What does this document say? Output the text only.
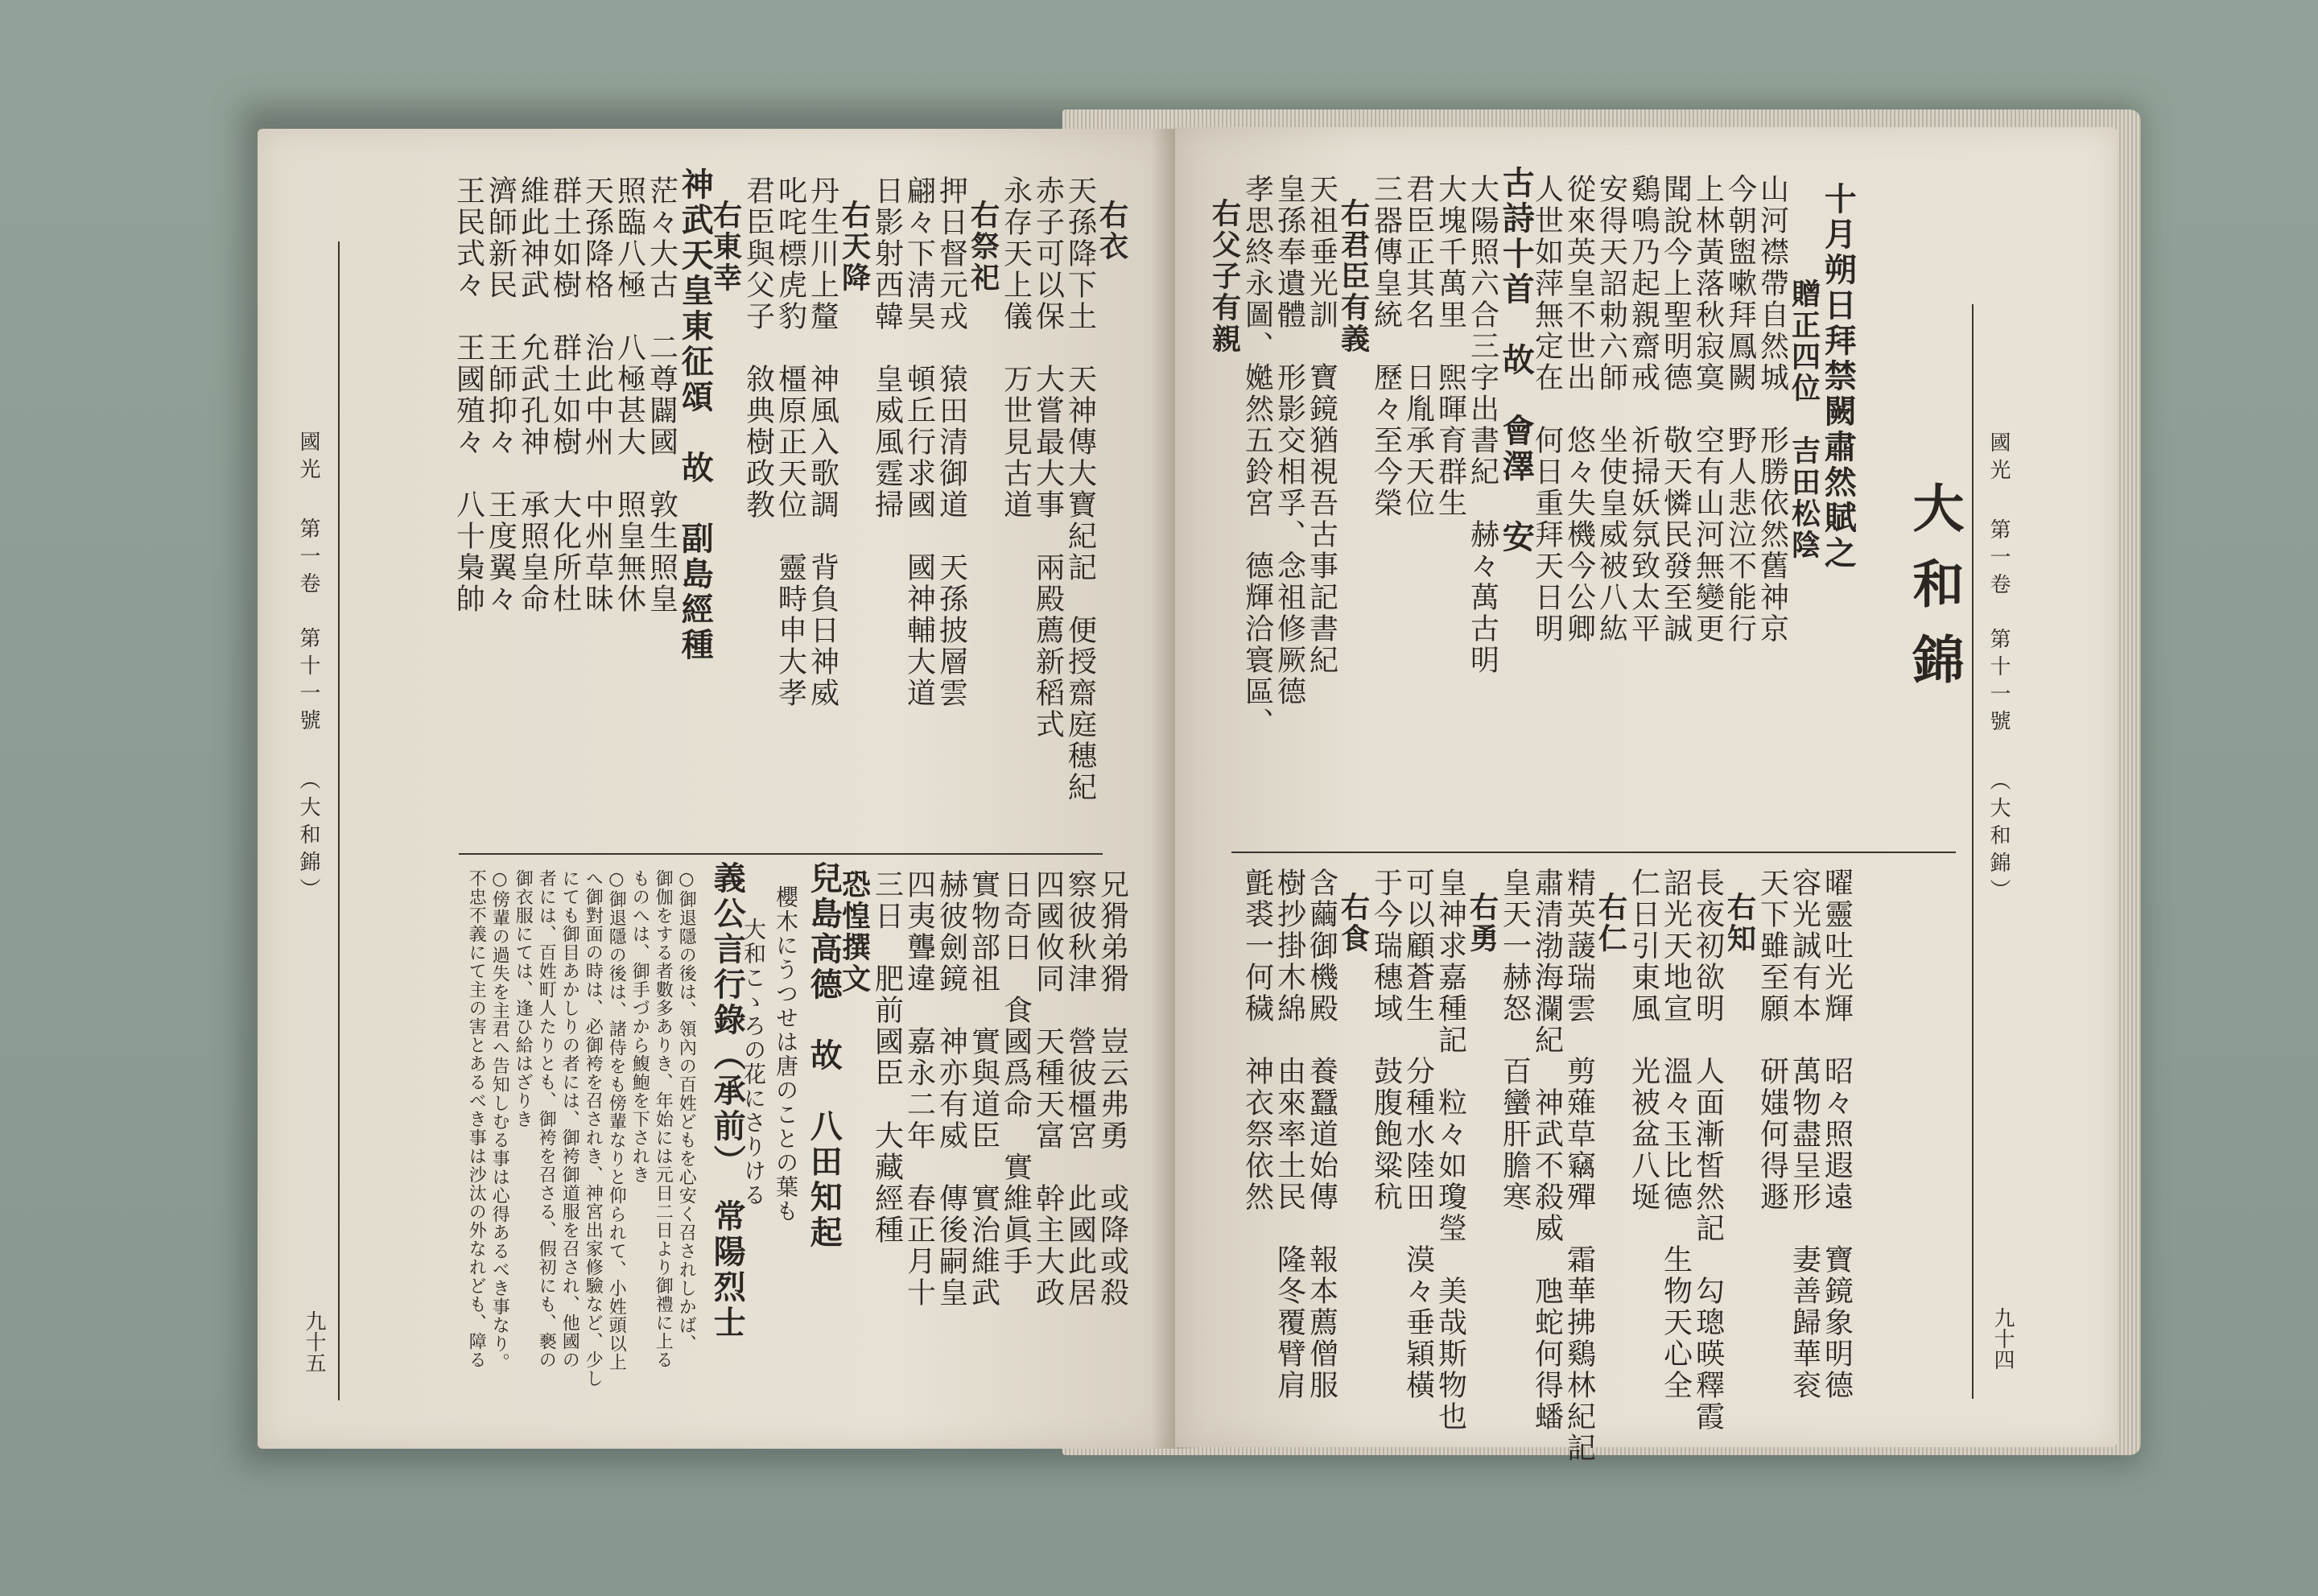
國光第一卷　第十一號（大和錦）
九十五
右衣
天孫降下土　天神傳大寶紀記　便授齋庭穗紀
赤子可以保　大嘗最大事　兩殿薦新稻式
永存天上儀　万世見古道
右祭祀
押日督元戎　猿田清御道　天孫披層雲
翩々下淸昊　頓丘行求國　國神輔大道
日影射西韓　皇威風霆掃
右天降
丹生川上釐　神風入歌調　背負日神威
叱咤標虎豹　橿原正天位　靈畤申大孝
君臣與父子　敘典樹政教
右東幸
神武天皇東征頌　故　副島經種
茫々大古　二尊闢國　敦生照皇
照臨八極　八極甚大　照皇無休
天孫降格　治此中州　中州草昧
群土如樹　群土如樹　大化所杜
維此神武　允武孔神　承照皇命
濟師新民　王師抑々　王度翼々
王民式々　王國殖々　八十梟帥
兄猾弟猾　豈云弗勇　或降或殺
察彼秋津　營彼橿宮　此國此居
四國攸同　天種天富　幹主大政
日奇日　食國爲命　實維眞手
實物部祖　實與道臣　實治維武
赫彼劍鏡　神亦有威　傳後嗣皇
四夷聾違　嘉永二年　春正月十
三日　肥前國臣　大藏經種
恐惶撰文
兒島高德　故　八田知起
櫻木にうつせは唐のことの葉も
大和こゝろの花にさりける
義公言行錄（承前）　常陽烈士
○御退隱の後は、領內の百姓どもを心安く召されしかば、
御伽をする者數多ありき、年始には元日二日より御禮に上る
ものへは、御手づから鰒鮑を下されき
○御退隱の後は、諸侍をも傍輩なりと仰られて、小姓頭以上
へ御對面の時は、必御袴を召されき、神宮出家修驗など、少し
にても御目あかしりの者には、御袴御道服を召され、他國の
者には、百姓町人たりとも、御袴を召さる、假初にも、褻の
御衣服にては、逢ひ給はざりき
○傍輩の過失を主君へ告知しむる事は心得あるべき事なり。
不忠不義にて主の害とあるべき事は沙汰の外なれども、障る
國光第一卷　第十一號（大和錦）
九十四
大和錦
十月朔日拜禁闕肅然賦之
贈正四位　吉田松陰
山河襟帶自然城　形勝依然舊神京
今朝盥嗽拜鳳闕　野人悲泣不能行
上林黃落秋寂寞　空有山河無變更
聞說今上聖明德　敬天憐民發至誠
鷄鳴乃起親齋戒　祈掃妖氛致太平
安得天詔勅六師　坐使皇威被八紘
從來英皇不世出　悠々失機今公卿
人世如萍無定在　何日重拜天日明
古詩十首　故　會澤　安
大陽照六合三字出書紀　赫々萬古明
大塊千萬里　煕暉育群生
君臣正其名　日胤承天位
三器傳皇統　歷々至今榮
右君臣有義
天祖垂光訓　寶鏡猶視吾古事記書紀
皇孫奉遺體　形影交相孚、念祖修厥德
孝思終永圖、嬔然五鈴宮　德輝洽寰區、
右父子有親
曜靈吐光輝　昭々照遐遠　寶鏡象明德
容光誠有本　萬物盡呈形　妻善歸華衮
天下雖至願　研媸何得遯
右知
長夜初欲明　人面漸皙然記　勾璁暎釋霞
詔光天地宣　溫々玉比德　生物天心全
仁日引東風　光被盆八埏
右仁
精英蘐瑞雲　剪薙草竊殫　霜華拂鷄林紀記
肅清渤海瀾紀　神武不殺威　虺蛇何得蟠
皇天一赫怒　百蠻肝膽寒
右勇
皇神求嘉種記　粒々如瓊瑩　美哉斯物也
可以顧蒼生　分種水陸田　漠々垂穎橫
于今瑞穗域　鼓腹飽粱秔
右食
含繭御機殿　養蠶道始傳　報本薦僧服
樹抄掛木綿　由來率土民　隆冬覆臂肩
氈裘一何穢　神衣祭依然
